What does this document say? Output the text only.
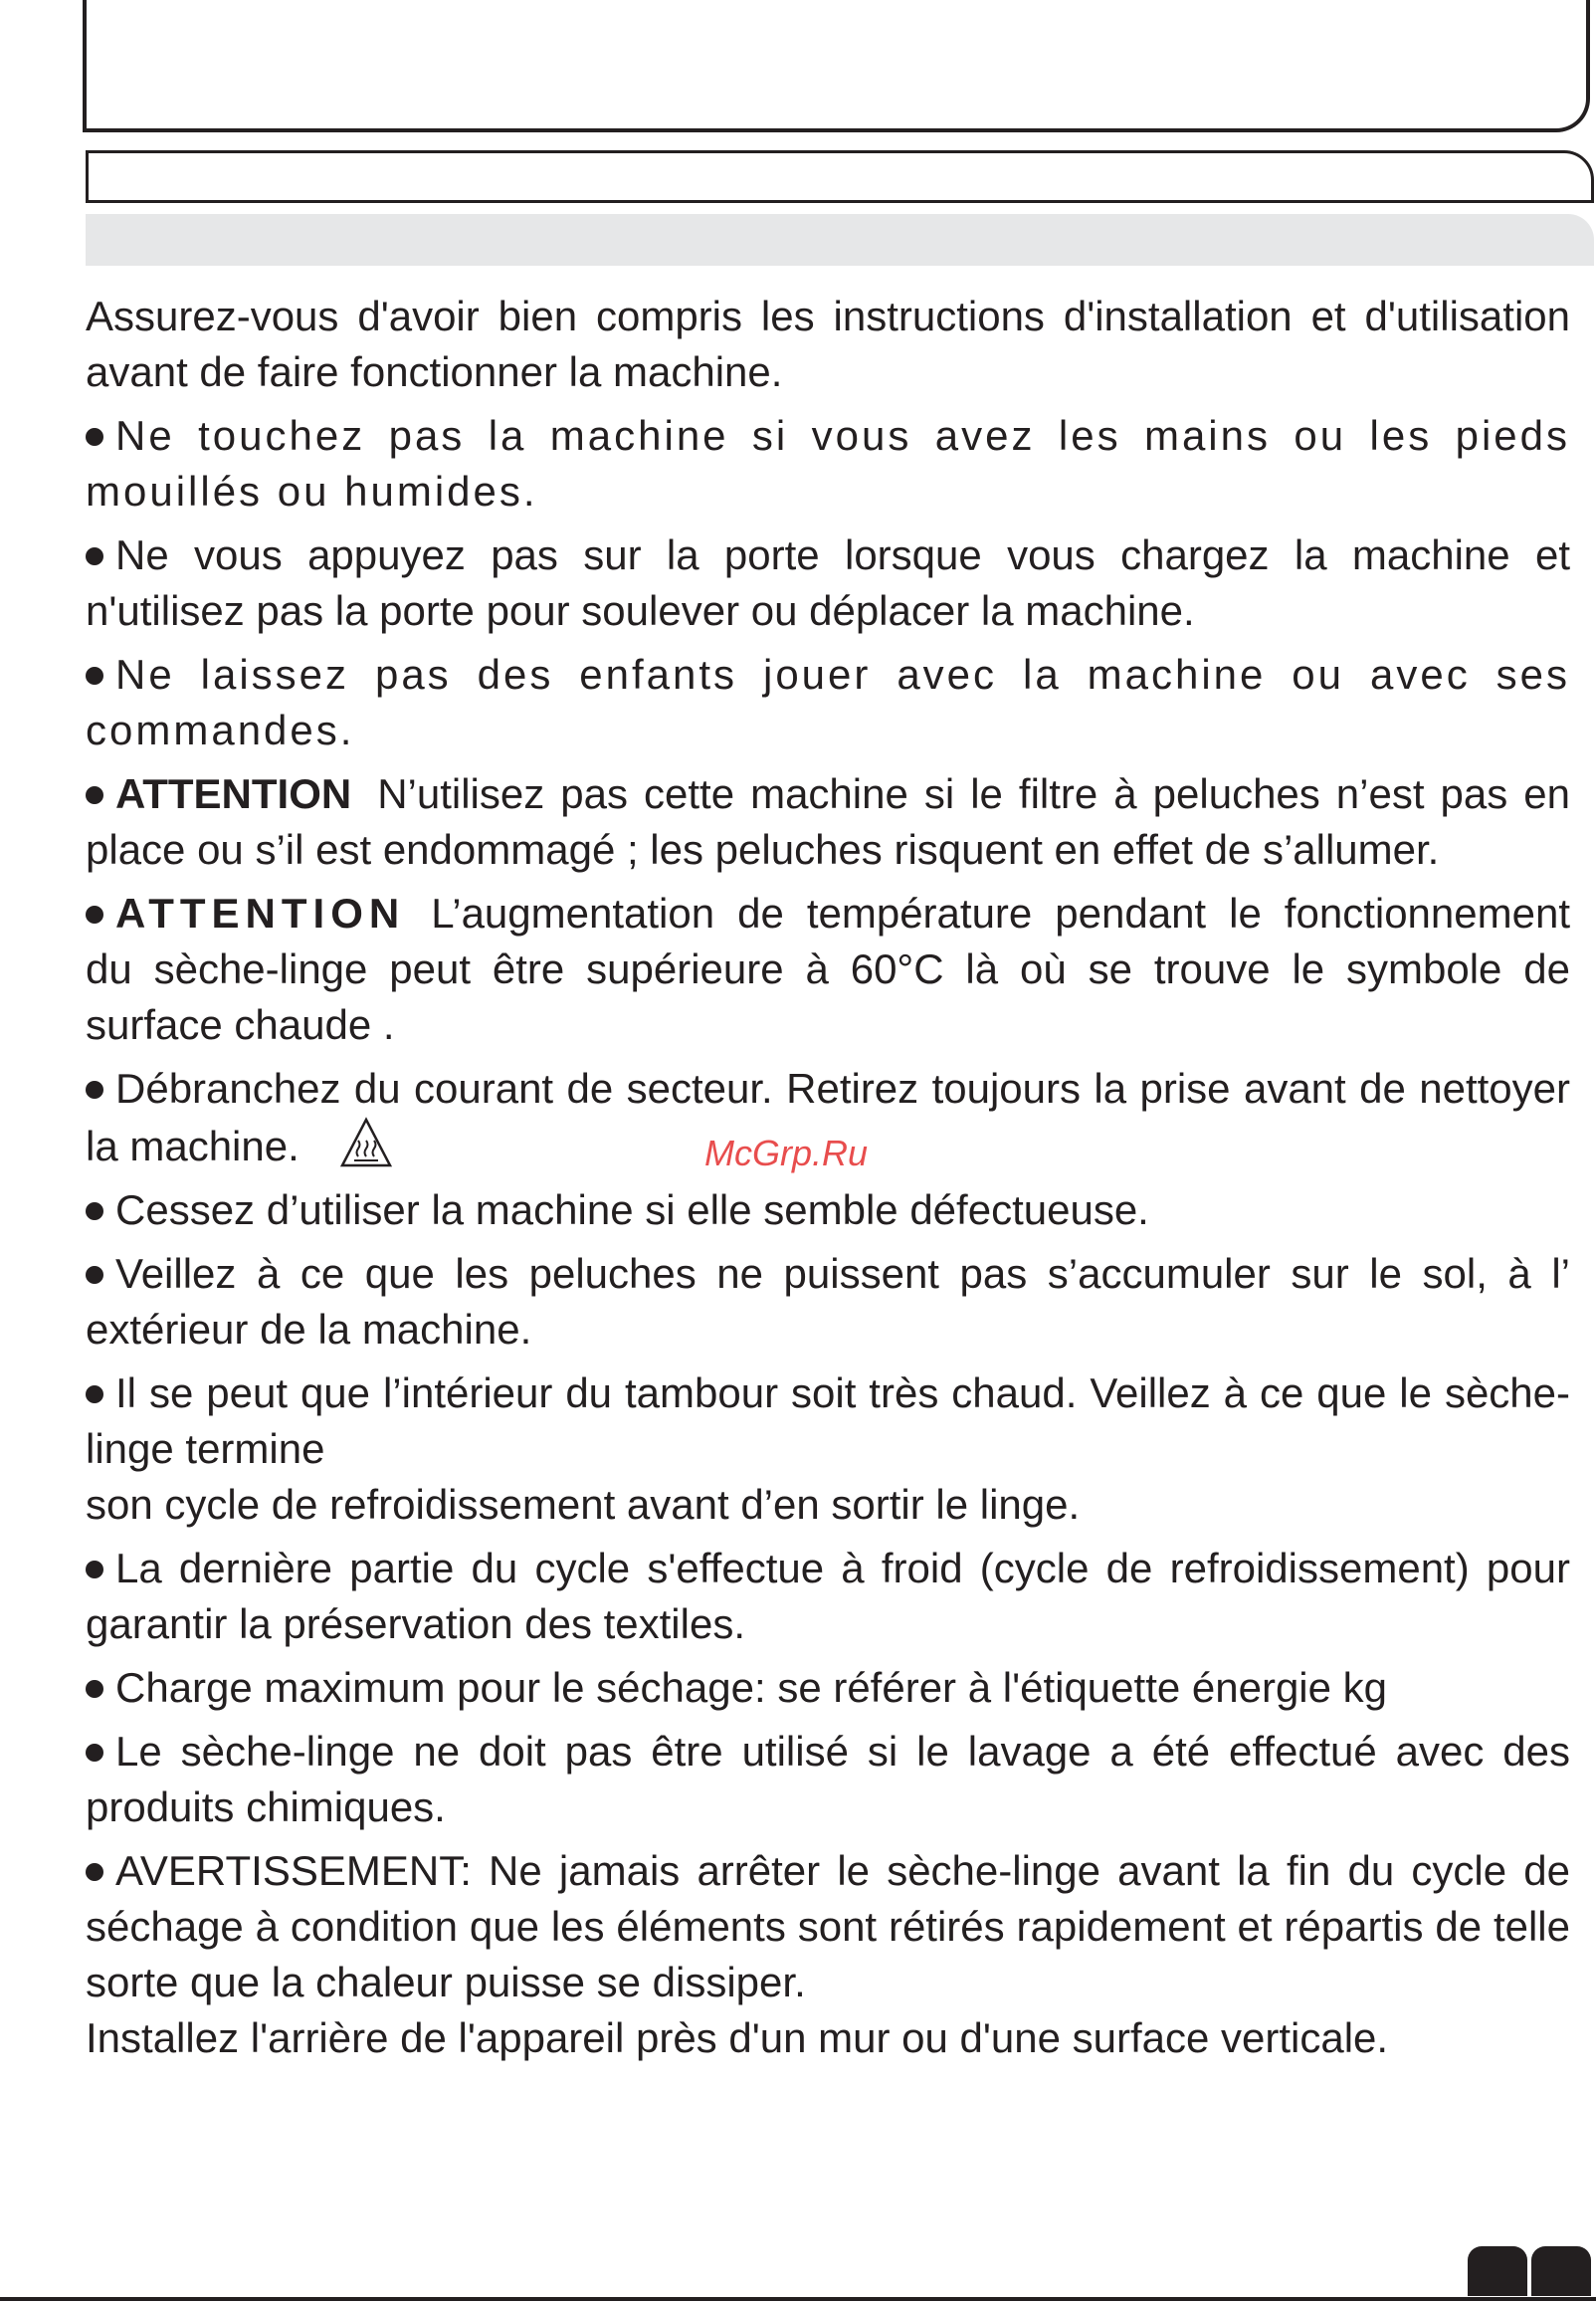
Assurez-vous d'avoir bien compris les instructions d'installation et d'utilisation avant de faire fonctionner la machine.

Ne touchez pas la machine si vous avez les mains ou les pieds mouillés ou humides.

Ne vous appuyez pas sur la porte lorsque vous chargez la machine et n'utilisez pas la porte pour soulever ou déplacer la machine.

Ne laissez pas des enfants jouer avec la machine ou avec ses commandes.

ATTENTION N’utilisez pas cette machine si le filtre à peluches n’est pas en place ou s’il est endommagé ; les peluches risquent en effet de s’allumer.

ATTENTION L’augmentation de température pendant le fonctionnement du sèche-linge peut être supérieure à 60°C là où se trouve le symbole de surface chaude .

Débranchez du courant de secteur. Retirez toujours la prise avant de nettoyer la machine.

Cessez d’utiliser la machine si elle semble défectueuse.

Veillez à ce que les peluches ne puissent pas s’accumuler sur le sol, à l’ extérieur de la machine.

Il se peut que l’intérieur du tambour soit très chaud. Veillez à ce que le sèche-linge termine

son cycle de refroidissement avant d’en sortir le linge.

La dernière partie du cycle s'effectue à froid (cycle de refroidissement) pour garantir la préservation des textiles.

Charge maximum pour le séchage: se référer à l'étiquette énergie kg

Le sèche-linge ne doit pas être utilisé si le lavage a été effectué avec des produits chimiques.

AVERTISSEMENT: Ne jamais arrêter le sèche-linge avant la fin du cycle de séchage à condition que les éléments sont rétirés rapidement et répartis de telle sorte que la chaleur puisse se dissiper.

Installez l'arrière de l'appareil près d'un mur ou d'une surface verticale.

McGrp.Ru
